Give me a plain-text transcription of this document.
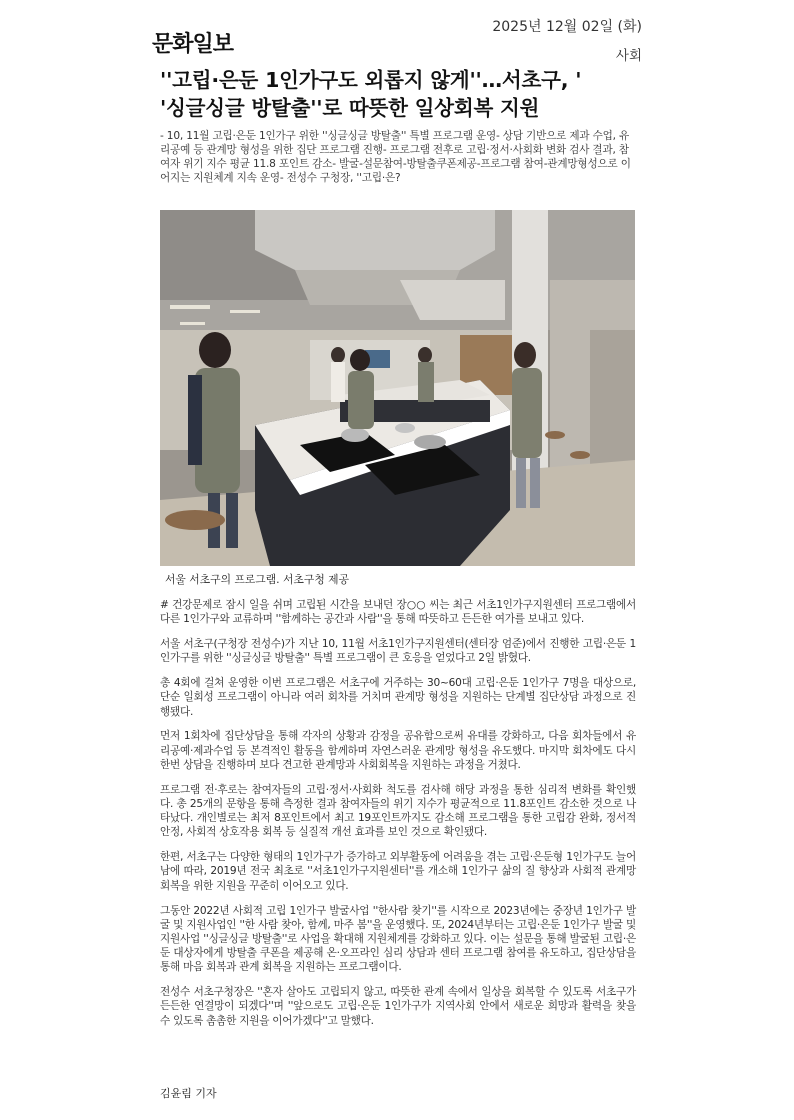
문화일보
2025년 12월 02일 (화)
사회
''고립·은둔 1인가구도 외롭지 않게''…서초구, '
'싱글싱글 방탈출''로 따뜻한 일상회복 지원
- 10, 11월 고립·은둔 1인가구 위한 ''싱글싱글 방탈출'' 특별 프로그램 운영- 상담 기반으로 제과 수업, 유리공예 등 관계망 형성을 위한 집단 프로그램 진행- 프로그램 전후로 고립·정서·사회화 변화 검사 결과, 참여자 위기 지수 평균 11.8 포인트 감소- 발굴-설문참여-방탈출쿠폰제공-프로그램 참여-관계망형성으로 이어지는 지원체계 지속 운영- 전성수 구청장, ''고립·은?
서울 서초구의 프로그램. 서초구청 제공

# 건강문제로 잠시 일을 쉬며 고립된 시간을 보내던 장○○ 씨는 최근 서초1인가구지원센터 프로그램에서 다른 1인가구와 교류하며 ''함께하는 공간과 사람''을 통해 따뜻하고 든든한 여가를 보내고 있다.

서울 서초구(구청장 전성수)가 지난 10, 11월 서초1인가구지원센터(센터장 엄준)에서 진행한 고립·은둔 1인가구를 위한 ''싱글싱글 방탈출'' 특별 프로그램이 큰 호응을 얻었다고 2일 밝혔다.

총 4회에 걸쳐 운영한 이번 프로그램은 서초구에 거주하는 30~60대 고립·은둔 1인가구 7명을 대상으로, 단순 일회성 프로그램이 아니라 여러 회차를 거치며 관계망 형성을 지원하는 단계별 집단상담 과정으로 진행됐다.

먼저 1회차에 집단상담을 통해 각자의 상황과 감정을 공유함으로써 유대를 강화하고, 다음 회차들에서 유리공예·제과수업 등 본격적인 활동을 함께하며 자연스러운 관계망 형성을 유도했다. 마지막 회차에도 다시 한번 상담을 진행하며 보다 견고한 관계망과 사회회복을 지원하는 과정을 거쳤다.

프로그램 전·후로는 참여자들의 고립·정서·사회화 척도를 검사해 해당 과정을 통한 심리적 변화를 확인했다. 총 25개의 문항을 통해 측정한 결과 참여자들의 위기 지수가 평균적으로 11.8포인트 감소한 것으로 나타났다. 개인별로는 최저 8포인트에서 최고 19포인트까지도 감소해 프로그램을 통한 고립감 완화, 정서적 안정, 사회적 상호작용 회복 등 실질적 개선 효과를 보인 것으로 확인됐다.

한편, 서초구는 다양한 형태의 1인가구가 증가하고 외부활동에 어려움을 겪는 고립·은둔형 1인가구도 늘어남에 따라, 2019년 전국 최초로 ''서초1인가구지원센터''를 개소해 1인가구 삶의 질 향상과 사회적 관계망 회복을 위한 지원을 꾸준히 이어오고 있다.

그동안 2022년 사회적 고립 1인가구 발굴사업 ''한사람 찾기''를 시작으로 2023년에는 중장년 1인가구 발굴 및 지원사업인 ''한 사람 찾아, 함께, 마주 봄''을 운영했다. 또, 2024년부터는 고립·은둔 1인가구 발굴 및 지원사업 ''싱글싱글 방탈출''로 사업을 확대해 지원체계를 강화하고 있다. 이는 설문을 통해 발굴된 고립·은둔 대상자에게 방탈출 쿠폰을 제공해 온·오프라인 심리 상담과 센터 프로그램 참여를 유도하고, 집단상담을 통해 마음 회복과 관계 회복을 지원하는 프로그램이다.

전성수 서초구청장은 ''혼자 살아도 고립되지 않고, 따뜻한 관계 속에서 일상을 회복할 수 있도록 서초구가 든든한 연결망이 되겠다''며 ''앞으로도 고립·은둔 1인가구가 지역사회 안에서 새로운 희망과 활력을 찾을 수 있도록 촘촘한 지원을 이어가겠다''고 말했다.

김윤림 기자
